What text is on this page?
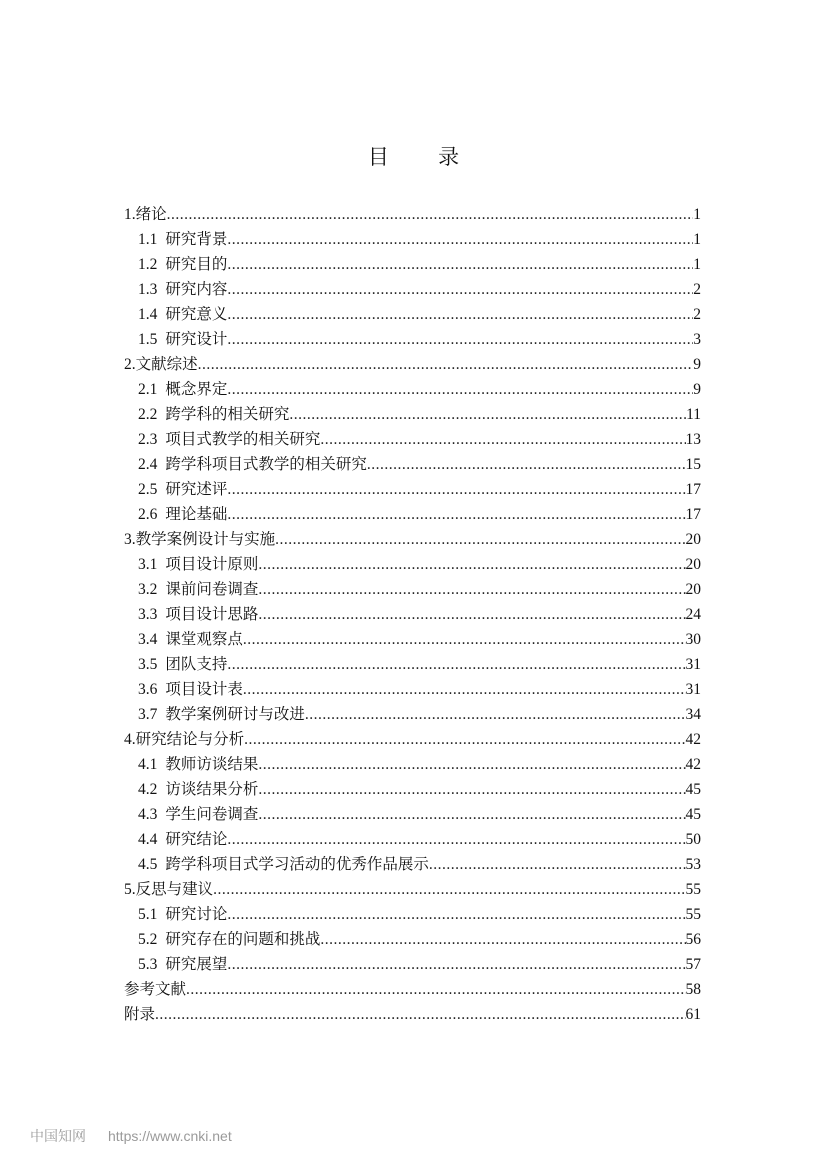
目 录
1.绪论 .....	1
1.1 研究背景 .....	1
1.2 研究目的 .....	1
1.3 研究内容 .....	2
1.4 研究意义 .....	2
1.5 研究设计 .....	3
2.文献综述 .....	9
2.1 概念界定 .....	9
2.2 跨学科的相关研究 .....	11
2.3 项目式教学的相关研究 .....	13
2.4 跨学科项目式教学的相关研究 .....	15
2.5 研究述评 .....	17
2.6 理论基础 .....	17
3.教学案例设计与实施 .....	20
3.1 项目设计原则 .....	20
3.2 课前问卷调查 .....	20
3.3 项目设计思路 .....	24
3.4 课堂观察点 .....	30
3.5 团队支持 .....	31
3.6 项目设计表 .....	31
3.7 教学案例研讨与改进 .....	34
4.研究结论与分析 .....	42
4.1 教师访谈结果 .....	42
4.2 访谈结果分析 .....	45
4.3 学生问卷调查 .....	45
4.4 研究结论 .....	50
4.5 跨学科项目式学习活动的优秀作品展示 .....	53
5.反思与建议 .....	55
5.1 研究讨论 .....	55
5.2 研究存在的问题和挑战 .....	56
5.3 研究展望 .....	57
参考文献 .....	58
附录 .....	61
中国知网 https://www.cnki.net
